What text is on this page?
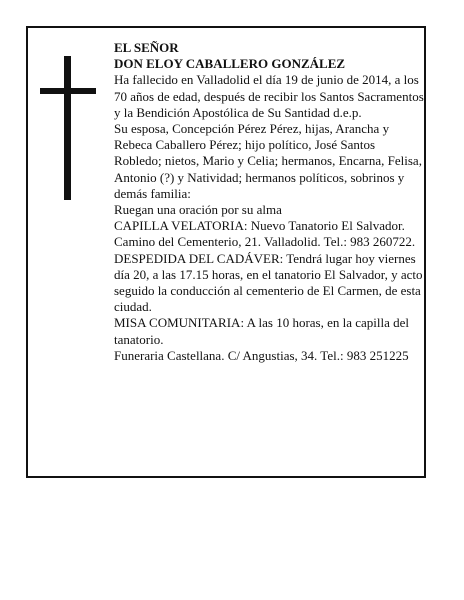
EL SEÑOR

DON ELOY CABALLERO GONZÁLEZ

Ha fallecido en Valladolid el día 19 de junio de 2014, a los 70 años de edad, después de recibir los Santos Sacramentos y la Bendición Apostólica de Su Santidad d.e.p.

Su esposa, Concepción Pérez Pérez, hijas, Arancha y Rebeca Caballero Pérez; hijo político, José Santos Robledo; nietos, Mario y Celia; hermanos, Encarna, Felisa, Antonio (?) y Natividad; hermanos políticos, sobrinos y demás familia:

Ruegan una oración por su alma

CAPILLA VELATORIA: Nuevo Tanatorio El Salvador. Camino del Cementerio, 21. Valladolid. Tel.: 983 260722.

DESPEDIDA DEL CADÁVER: Tendrá lugar hoy viernes día 20, a las 17.15 horas, en el tanatorio El Salvador, y acto seguido la conducción al cementerio de El Carmen, de esta ciudad.

MISA COMUNITARIA: A las 10 horas, en la capilla del tanatorio.

Funeraria Castellana. C/ Angustias, 34. Tel.: 983 251225
